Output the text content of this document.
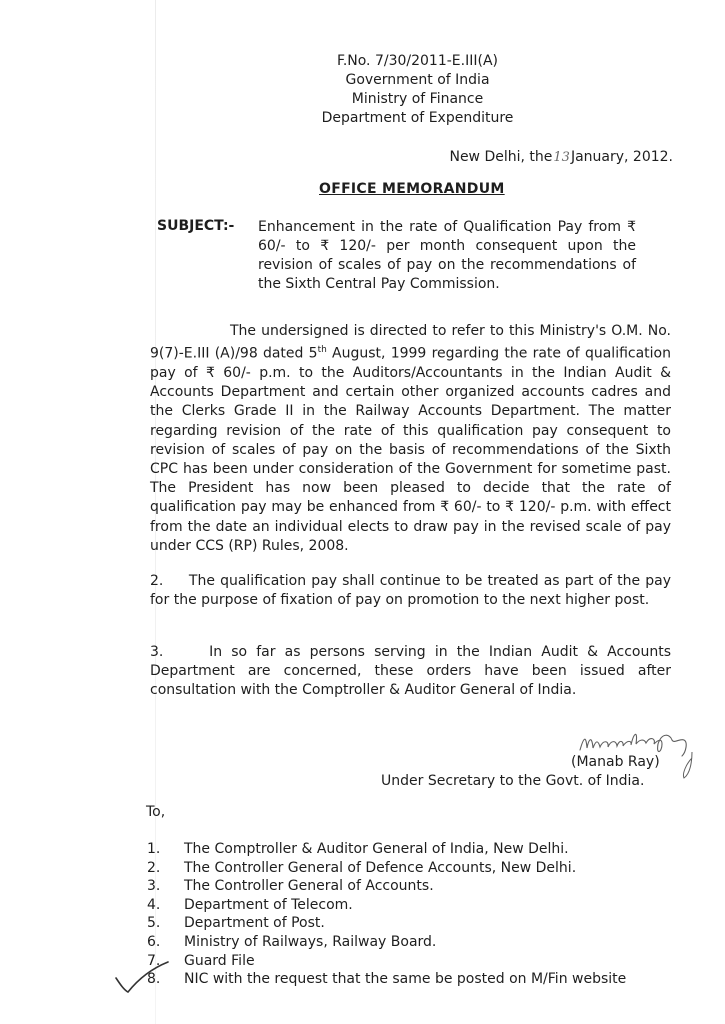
F.No. 7/30/2011-E.III(A)
Government of India
Ministry of Finance
Department of Expenditure
New Delhi, the13January, 2012.
OFFICE MEMORANDUM
SUBJECT:- Enhancement in the rate of Qualification Pay from ₹ 60/- to ₹ 120/- per month consequent upon the revision of scales of pay on the recommendations of the Sixth Central Pay Commission.
The undersigned is directed to refer to this Ministry's O.M. No. 9(7)-E.III (A)/98 dated 5th August, 1999 regarding the rate of qualification pay of ₹ 60/- p.m. to the Auditors/Accountants in the Indian Audit & Accounts Department and certain other organized accounts cadres and the Clerks Grade II in the Railway Accounts Department. The matter regarding revision of the rate of this qualification pay consequent to revision of scales of pay on the basis of recommendations of the Sixth CPC has been under consideration of the Government for sometime past. The President has now been pleased to decide that the rate of qualification pay may be enhanced from ₹ 60/- to ₹ 120/- p.m. with effect from the date an individual elects to draw pay in the revised scale of pay under CCS (RP) Rules, 2008.
2.     The qualification pay shall continue to be treated as part of the pay for the purpose of fixation of pay on promotion to the next higher post.
3.     In so far as persons serving in the Indian Audit & Accounts Department are concerned, these orders have been issued after consultation with the Comptroller & Auditor General of India.
(Manab Ray)
Under Secretary to the Govt. of India.
To,
1.	The Comptroller & Auditor General of India, New Delhi.
2.	The Controller General of Defence Accounts, New Delhi.
3.	The Controller General of Accounts.
4.	Department of Telecom.
5.	Department of Post.
6.	Ministry of Railways, Railway Board.
7.	Guard File
8.	NIC with the request that the same be posted on M/Fin website
